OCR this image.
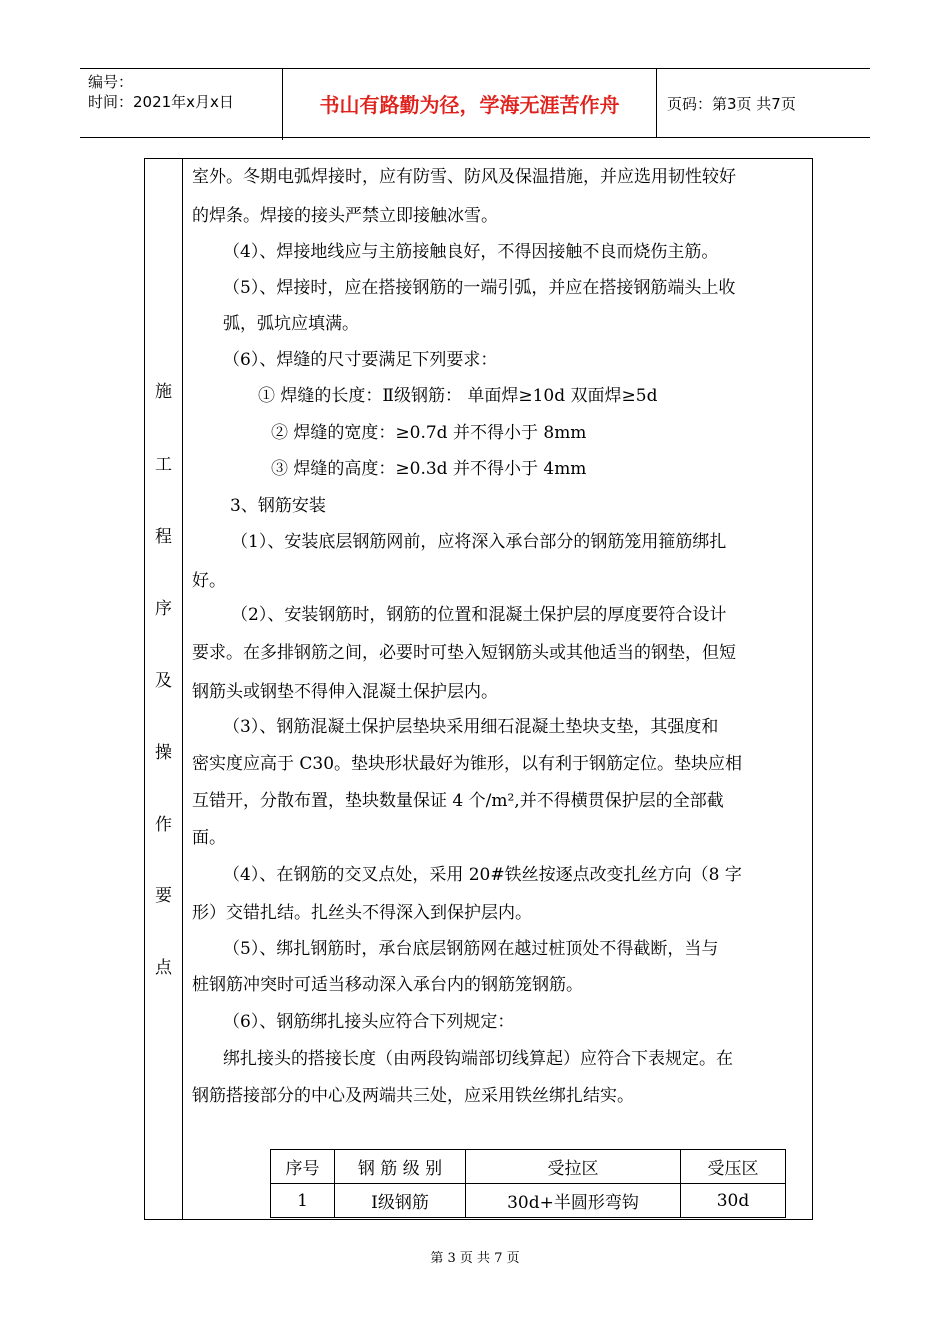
编号：
时间：2021年x月x日	书山有路勤为径，学海无涯苦作舟	页码：第3页 共7页
施
工
程
序
及
操
作
要
点
室外。冬期电弧焊接时，应有防雪、防风及保温措施，并应选用韧性较好
的焊条。焊接的接头严禁立即接触冰雪。
（4）、焊接地线应与主筋接触良好，不得因接触不良而烧伤主筋。
（5）、焊接时，应在搭接钢筋的一端引弧，并应在搭接钢筋端头上收
弧，弧坑应填满。
（6）、焊缝的尺寸要满足下列要求：
① 焊缝的长度：Ⅱ级钢筋： 单面焊≥10d 双面焊≥5d
② 焊缝的宽度：≥0.7d 并不得小于 8mm
③ 焊缝的高度：≥0.3d 并不得小于 4mm
3、钢筋安装
（1）、安装底层钢筋网前，应将深入承台部分的钢筋笼用箍筋绑扎
好。
（2）、安装钢筋时，钢筋的位置和混凝土保护层的厚度要符合设计
要求。在多排钢筋之间，必要时可垫入短钢筋头或其他适当的钢垫，但短
钢筋头或钢垫不得伸入混凝土保护层内。
（3）、钢筋混凝土保护层垫块采用细石混凝土垫块支垫，其强度和
密实度应高于 C30。垫块形状最好为锥形，以有利于钢筋定位。垫块应相
互错开，分散布置，垫块数量保证 4 个/m²,并不得横贯保护层的全部截
面。
（4）、在钢筋的交叉点处，采用 20#铁丝按逐点改变扎丝方向（8 字
形）交错扎结。扎丝头不得深入到保护层内。
（5）、绑扎钢筋时，承台底层钢筋网在越过桩顶处不得截断，当与
桩钢筋冲突时可适当移动深入承台内的钢筋笼钢筋。
（6）、钢筋绑扎接头应符合下列规定：
绑扎接头的搭接长度（由两段钩端部切线算起）应符合下表规定。在
钢筋搭接部分的中心及两端共三处，应采用铁丝绑扎结实。
序号	钢 筋 级 别	受拉区	受压区
1	Ⅰ级钢筋	30d+半圆形弯钩	30d
第 3 页 共 7 页
